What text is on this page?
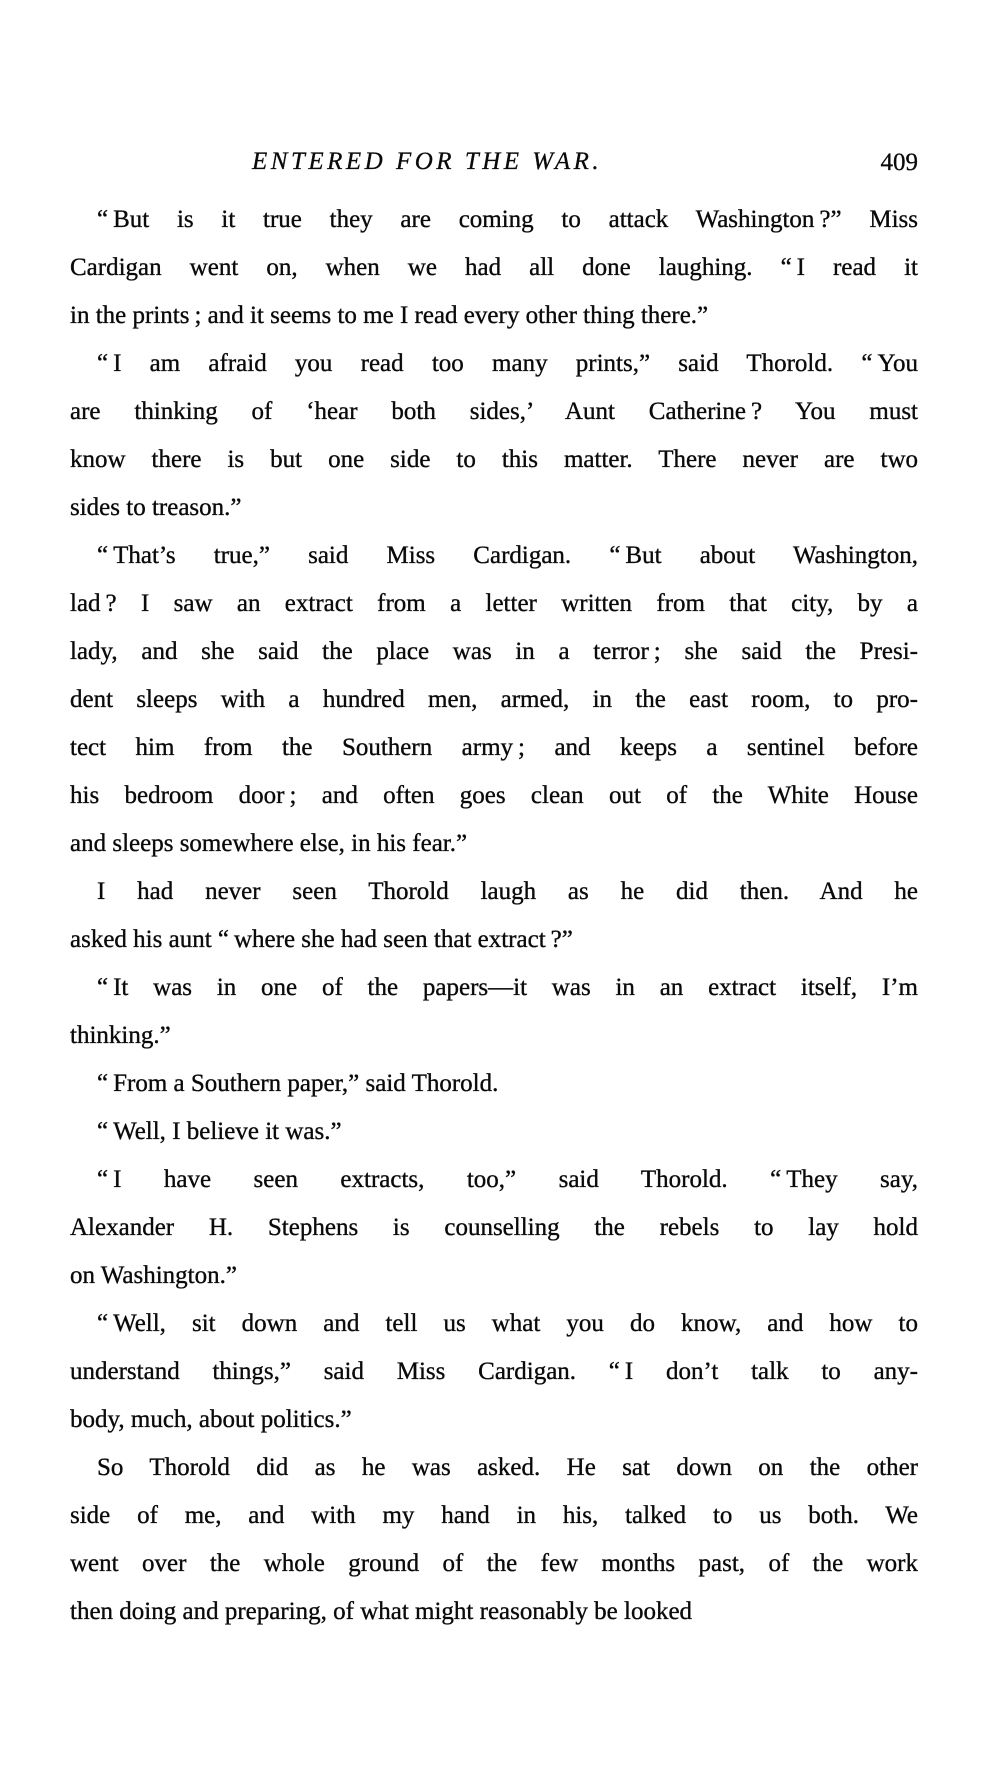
ENTERED FOR THE WAR.	409
“ But is it true they are coming to attack Washington ?” Miss
Cardigan went on, when we had all done laughing. “ I read it
in the prints ; and it seems to me I read every other thing there.”
“ I am afraid you read too many prints,” said Thorold. “ You
are thinking of ‘hear both sides,’ Aunt Catherine ? You must
know there is but one side to this matter. There never are two
sides to treason.”
“ That’s true,” said Miss Cardigan. “ But about Washington,
lad ? I saw an extract from a letter written from that city, by a
lady, and she said the place was in a terror ; she said the Presi-
dent sleeps with a hundred men, armed, in the east room, to pro-
tect him from the Southern army ; and keeps a sentinel before
his bedroom door ; and often goes clean out of the White House
and sleeps somewhere else, in his fear.”
I had never seen Thorold laugh as he did then. And he
asked his aunt “ where she had seen that extract ?”
“ It was in one of the papers—it was in an extract itself, I’m
thinking.”
“ From a Southern paper,” said Thorold.
“ Well, I believe it was.”
“ I have seen extracts, too,” said Thorold. “ They say,
Alexander H. Stephens is counselling the rebels to lay hold
on Washington.”
“ Well, sit down and tell us what you do know, and how to
understand things,” said Miss Cardigan. “ I don’t talk to any-
body, much, about politics.”
So Thorold did as he was asked. He sat down on the other
side of me, and with my hand in his, talked to us both. We
went over the whole ground of the few months past, of the work
then doing and preparing, of what might reasonably be looked
